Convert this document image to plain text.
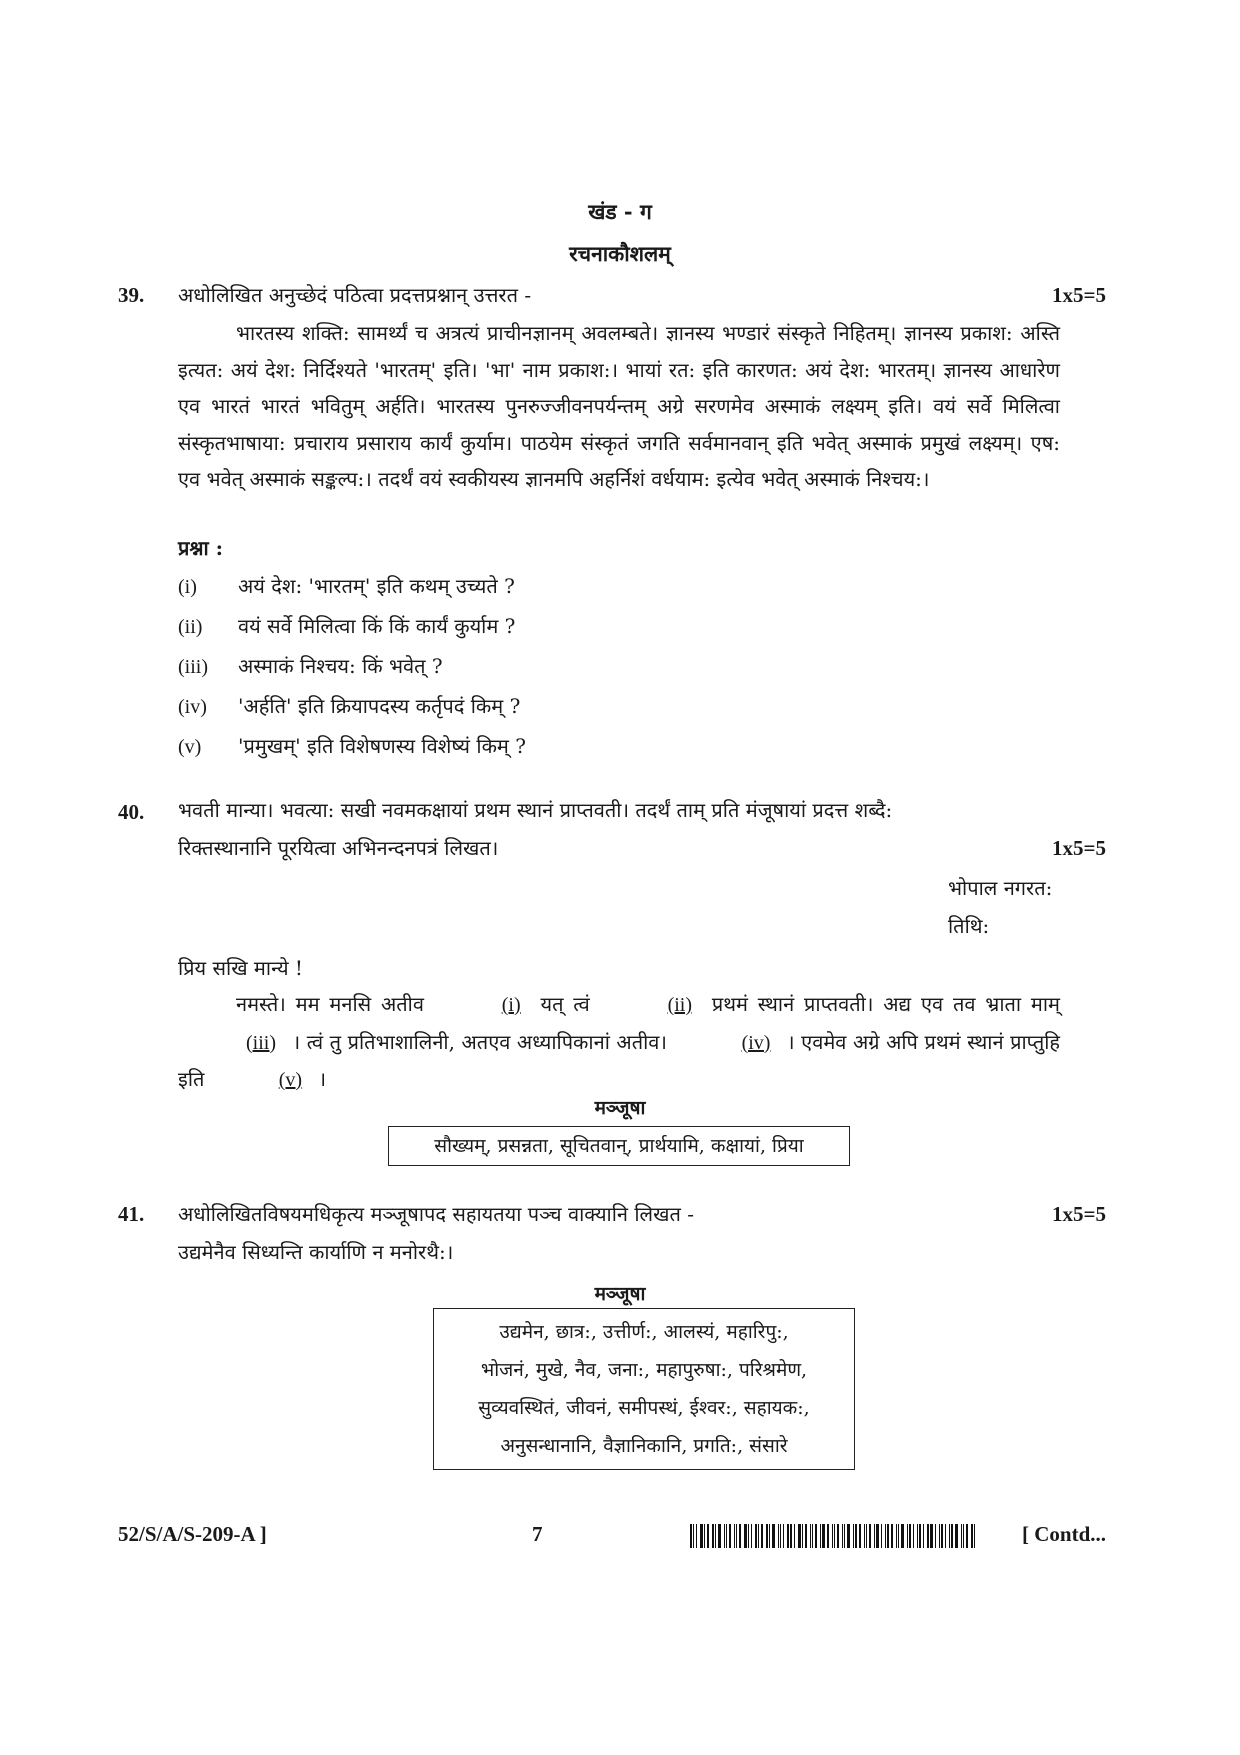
खंड - ग
रचनाकौशलम्
39. अधोलिखित अनुच्छेदं पठित्वा प्रदत्तप्रश्नान् उत्तरत -	1x5=5
भारतस्य शक्ति: सामर्थ्यं च अत्रत्यं प्राचीनज्ञानम् अवलम्बते। ज्ञानस्य भण्डारं संस्कृते निहितम्। ज्ञानस्य प्रकाश: अस्ति इत्यत: अयं देश: निर्दिश्यते 'भारतम्' इति। 'भा' नाम प्रकाश:। भायां रत: इति कारणत: अयं देश: भारतम्। ज्ञानस्य आधारेण एव भारतं भारतं भवितुम् अर्हति। भारतस्य पुनरुज्जीवनपर्यन्तम् अग्रे सरणमेव अस्माकं लक्ष्यम् इति। वयं सर्वे मिलित्वा संस्कृतभाषाया: प्रचाराय प्रसाराय कार्यं कुर्याम। पाठयेम संस्कृतं जगति सर्वमानवान् इति भवेत् अस्माकं प्रमुखं लक्ष्यम्। एष: एव भवेत् अस्माकं सङ्कल्प:। तदर्थं वयं स्वकीयस्य ज्ञानमपि अहर्निशं वर्धयाम: इत्येव भवेत् अस्माकं निश्चय:।
प्रश्ना :
(i) अयं देश: 'भारतम्' इति कथम् उच्यते ?
(ii) वयं सर्वे मिलित्वा किं किं कार्यं कुर्याम ?
(iii) अस्माकं निश्चय: किं भवेत् ?
(iv) 'अर्हति' इति क्रियापदस्य कर्तृपदं किम् ?
(v) 'प्रमुखम्' इति विशेषणस्य विशेष्यं किम् ?
40. भवती मान्या। भवत्या: सखी नवमकक्षायां प्रथम स्थानं प्राप्तवती। तदर्थं ताम् प्रति मंजूषायां प्रदत्त शब्दै:
रिक्तस्थानानि पूरयित्वा अभिनन्दनपत्रं लिखत।	1x5=5
भोपाल नगरत:
तिथि:
प्रिय सखि मान्ये !
नमस्ते। मम मनसि अतीव	(i) यत् त्वं	(ii) प्रथमं स्थानं प्राप्तवती। अद्य एव तव भ्राता माम् (iii) । त्वं तु प्रतिभाशालिनी, अतएव अध्यापिकानां अतीव।	(iv) । एवमेव अग्रे अपि प्रथमं स्थानं प्राप्तुहि इति	(v) ।
मञ्जूषा
सौख्यम्, प्रसन्नता, सूचितवान्, प्रार्थयामि, कक्षायां, प्रिया
41. अधोलिखितविषयमधिकृत्य मञ्जूषापद सहायतया पञ्च वाक्यानि लिखत -	1x5=5
उद्यमेनैव सिध्यन्ति कार्याणि न मनोरथै:।
मञ्जूषा
उद्यमेन, छात्र:, उत्तीर्ण:, आलस्यं, महारिपु:,
भोजनं, मुखे, नैव, जना:, महापुरुषा:, परिश्रमेण,
सुव्यवस्थितं, जीवनं, समीपस्थं, ईश्वर:, सहायक:,
अनुसन्धानानि, वैज्ञानिकानि, प्रगति:, संसारे
52/S/A/S-209-A ]	7	[ Contd...
